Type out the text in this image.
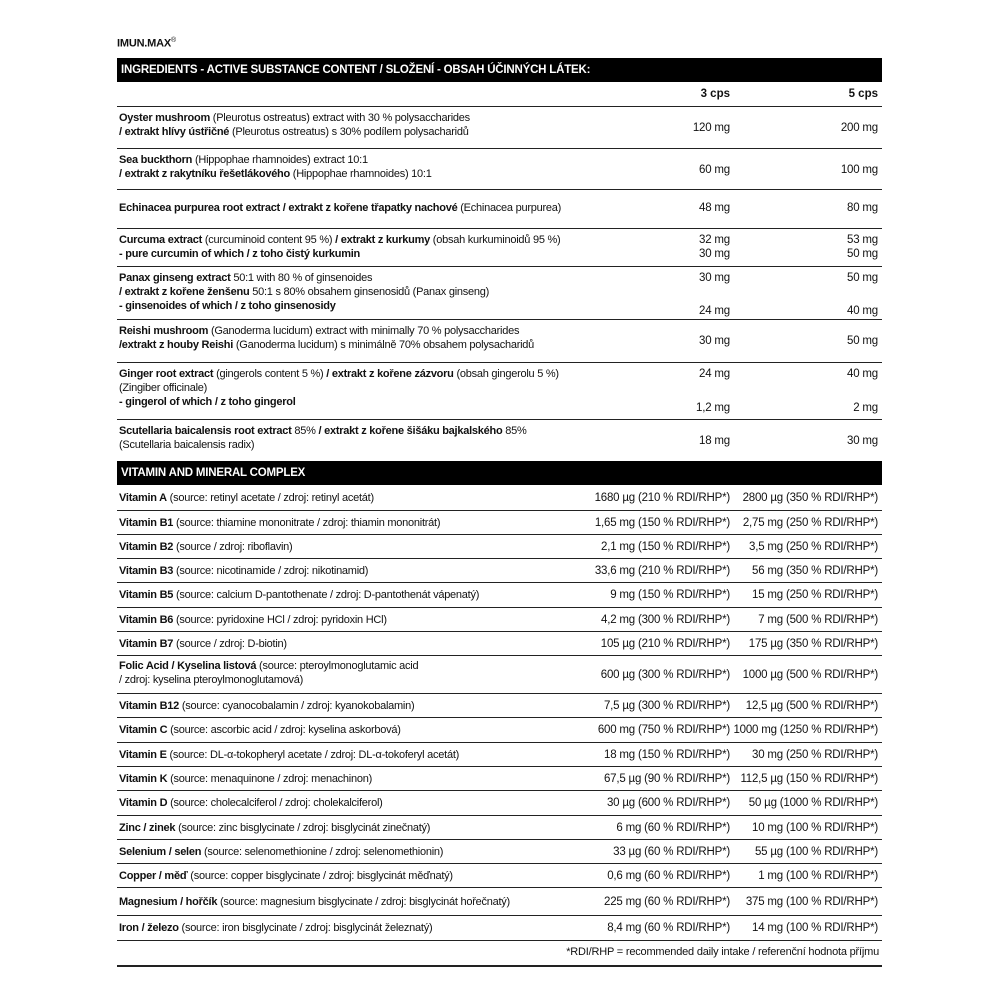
IMUN.MAX®
INGREDIENTS - ACTIVE SUBSTANCE CONTENT / SLOŽENÍ - OBSAH ÚČINNÝCH LÁTEK:
3 cps	5 cps
Oyster mushroom (Pleurotus ostreatus) extract with 30 % polysaccharides
/ extrakt hlívy ústřičné (Pleurotus ostreatus) s 30% podílem polysacharidů	120 mg	200 mg
Sea buckthorn (Hippophae rhamnoides) extract 10:1
/ extrakt z rakytníku řešetlákového (Hippophae rhamnoides) 10:1	60 mg	100 mg
Echinacea purpurea root extract / extrakt z kořene třapatky nachové (Echinacea purpurea)	48 mg	80 mg
Curcuma extract (curcuminoid content 95 %) / extrakt z kurkumy (obsah kurkuminoidů 95 %)
- pure curcumin of which / z toho čistý kurkumin
32 mg	53 mg
30 mg	50 mg
Panax ginseng extract 50:1 with 80 % of ginsenoides
/ extrakt z kořene ženšenu 50:1 s 80% obsahem ginsenosidů (Panax ginseng)
- ginsenoides of which / z toho ginsenosidy
30 mg	50 mg
24 mg	40 mg
Reishi mushroom (Ganoderma lucidum) extract with minimally 70 % polysaccharides
/extrakt z houby Reishi (Ganoderma lucidum) s minimálně 70% obsahem polysacharidů	30 mg	50 mg
Ginger root extract (gingerols content 5 %) / extrakt z kořene zázvoru (obsah gingerolu 5 %)
(Zingiber officinale)
- gingerol of which / z toho gingerol
24 mg	40 mg
1,2 mg	2 mg
Scutellaria baicalensis root extract 85% / extrakt z kořene šišáku bajkalského 85%
(Scutellaria baicalensis radix)	18 mg	30 mg
VITAMIN AND MINERAL COMPLEX
Vitamin A (source: retinyl acetate / zdroj: retinyl acetát)	1680 µg (210 % RDI/RHP*) 2800 µg (350 % RDI/RHP*)
Vitamin B1 (source: thiamine mononitrate / zdroj: thiamin mononitrát)	1,65 mg (150 % RDI/RHP*) 2,75 mg (250 % RDI/RHP*)
Vitamin B2 (source / zdroj: riboflavin)	2,1 mg (150 % RDI/RHP*) 3,5 mg (250 % RDI/RHP*)
Vitamin B3 (source: nicotinamide / zdroj: nikotinamid)	33,6 mg (210 % RDI/RHP*) 56 mg (350 % RDI/RHP*)
Vitamin B5 (source: calcium D-pantothenate / zdroj: D-pantothenát vápenatý)	9 mg (150 % RDI/RHP*) 15 mg (250 % RDI/RHP*)
Vitamin B6 (source: pyridoxine HCl / zdroj: pyridoxin HCl)	4,2 mg (300 % RDI/RHP*) 7 mg (500 % RDI/RHP*)
Vitamin B7 (source / zdroj: D-biotin)	105 µg (210 % RDI/RHP*) 175 µg (350 % RDI/RHP*)
Folic Acid / Kyselina listová (source: pteroylmonoglutamic acid
/ zdroj: kyselina pteroylmonoglutamová)	600 µg (300 % RDI/RHP*) 1000 µg (500 % RDI/RHP*)
Vitamin B12 (source: cyanocobalamin / zdroj: kyanokobalamin)	7,5 µg (300 % RDI/RHP*) 12,5 µg (500 % RDI/RHP*)
Vitamin C (source: ascorbic acid / zdroj: kyselina askorbová)	600 mg (750 % RDI/RHP*) 1000 mg (1250 % RDI/RHP*)
Vitamin E (source: DL-α-tokopheryl acetate / zdroj: DL-α-tokoferyl acetát)	18 mg (150 % RDI/RHP*) 30 mg (250 % RDI/RHP*)
Vitamin K (source: menaquinone / zdroj: menachinon)	67,5 µg (90 % RDI/RHP*) 112,5 µg (150 % RDI/RHP*)
Vitamin D (source: cholecalciferol / zdroj: cholekalciferol)	30 µg (600 % RDI/RHP*) 50 µg (1000 % RDI/RHP*)
Zinc / zinek (source: zinc bisglycinate / zdroj: bisglycinát zinečnatý)	6 mg (60 % RDI/RHP*) 10 mg (100 % RDI/RHP*)
Selenium / selen (source: selenomethionine / zdroj: selenomethionin)	33 µg (60 % RDI/RHP*) 55 µg (100 % RDI/RHP*)
Copper / měď (source: copper bisglycinate / zdroj: bisglycinát měďnatý)	0,6 mg (60 % RDI/RHP*) 1 mg (100 % RDI/RHP*)
Magnesium / hořčík (source: magnesium bisglycinate / zdroj: bisglycinát hořečnatý)	225 mg (60 % RDI/RHP*) 375 mg (100 % RDI/RHP*)
Iron / železo (source: iron bisglycinate / zdroj: bisglycinát železnatý)	8,4 mg (60 % RDI/RHP*) 14 mg (100 % RDI/RHP*)
*RDI/RHP = recommended daily intake / referenční hodnota příjmu
